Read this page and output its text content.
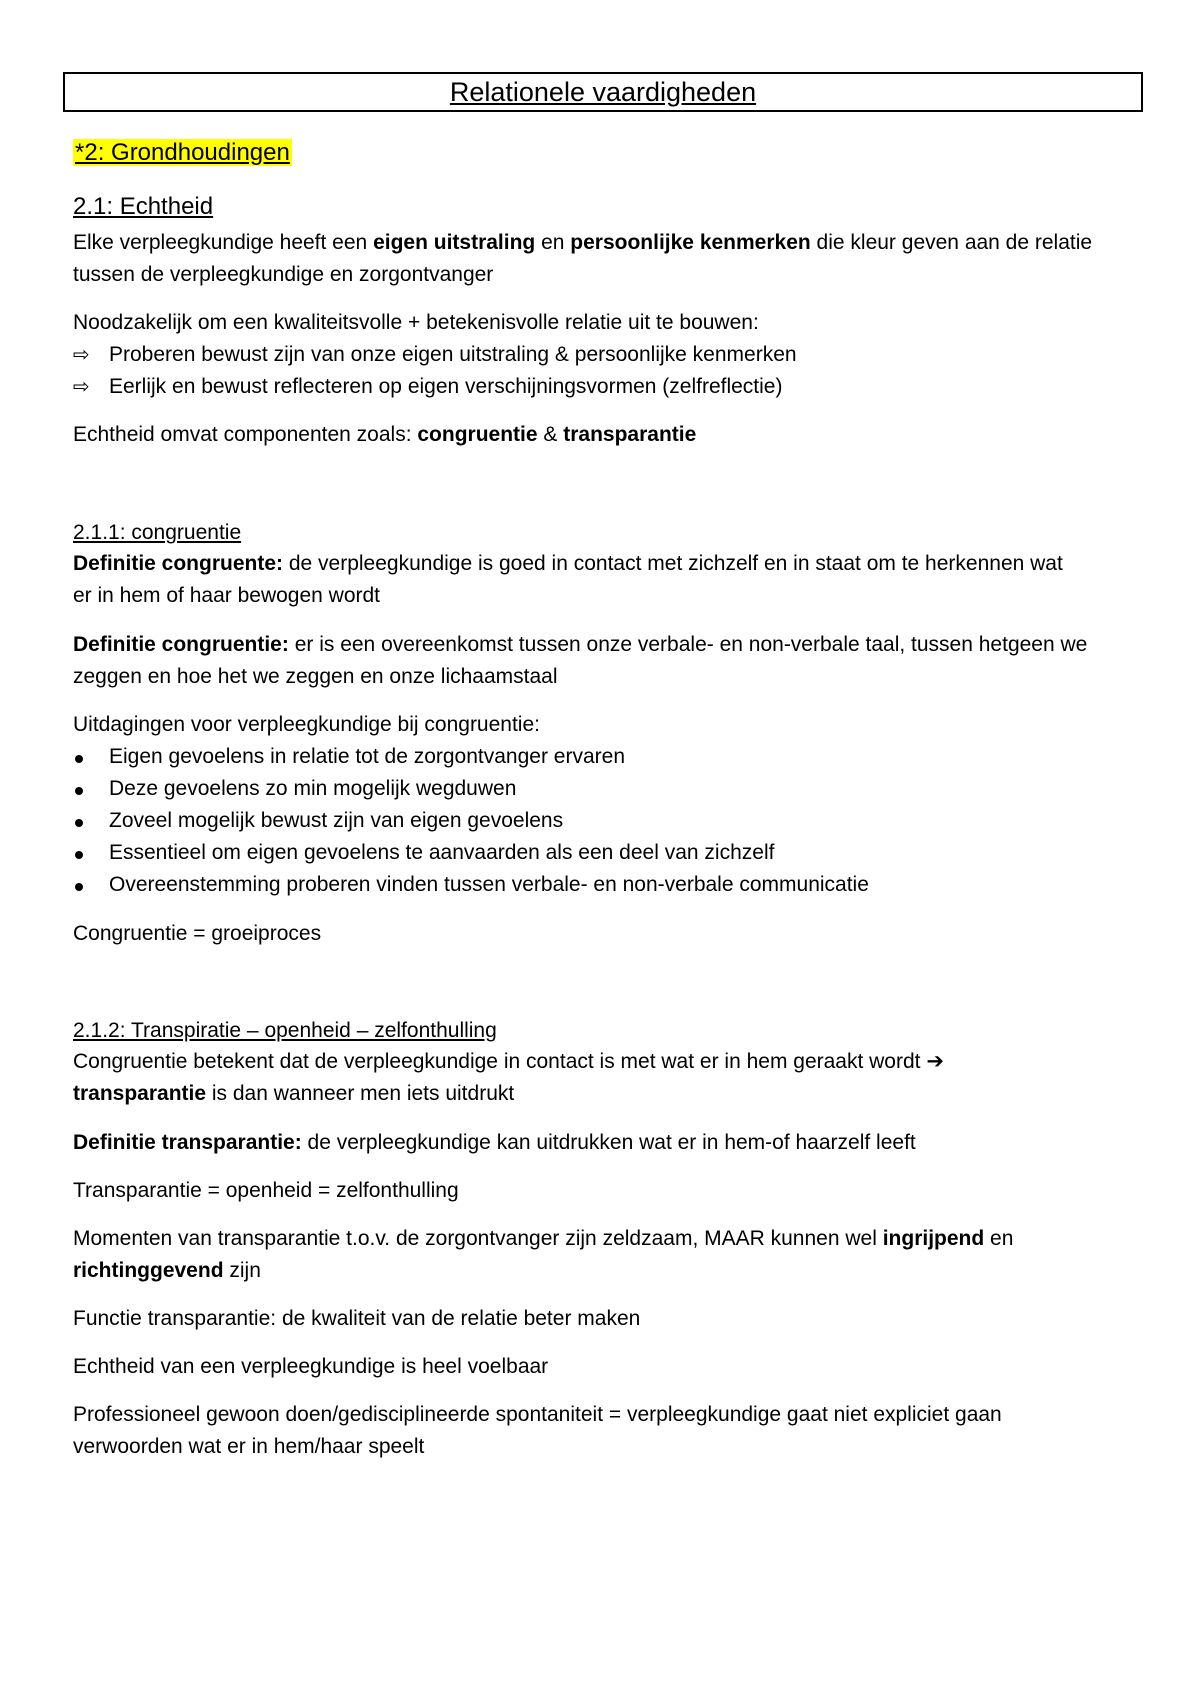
Relationele vaardigheden
*2: Grondhoudingen
2.1: Echtheid
Elke verpleegkundige heeft een eigen uitstraling en persoonlijke kenmerken die kleur geven aan de relatie
tussen de verpleegkundige en zorgontvanger
Noodzakelijk om een kwaliteitsvolle + betekenisvolle relatie uit te bouwen:
⇨ Proberen bewust zijn van onze eigen uitstraling & persoonlijke kenmerken
⇨ Eerlijk en bewust reflecteren op eigen verschijningsvormen (zelfreflectie)
Echtheid omvat componenten zoals: congruentie & transparantie
2.1.1: congruentie
Definitie congruente: de verpleegkundige is goed in contact met zichzelf en in staat om te herkennen wat
er in hem of haar bewogen wordt
Definitie congruentie: er is een overeenkomst tussen onze verbale- en non-verbale taal, tussen hetgeen we
zeggen en hoe het we zeggen en onze lichaamstaal
Uitdagingen voor verpleegkundige bij congruentie:
Eigen gevoelens in relatie tot de zorgontvanger ervaren
Deze gevoelens zo min mogelijk wegduwen
Zoveel mogelijk bewust zijn van eigen gevoelens
Essentieel om eigen gevoelens te aanvaarden als een deel van zichzelf
Overeenstemming proberen vinden tussen verbale- en non-verbale communicatie
Congruentie = groeiproces
2.1.2: Transpiratie – openheid – zelfonthulling
Congruentie betekent dat de verpleegkundige in contact is met wat er in hem geraakt wordt ➔
transparantie is dan wanneer men iets uitdrukt
Definitie transparantie: de verpleegkundige kan uitdrukken wat er in hem-of haarzelf leeft
Transparantie = openheid = zelfonthulling
Momenten van transparantie t.o.v. de zorgontvanger zijn zeldzaam, MAAR kunnen wel ingrijpend en
richtinggevend zijn
Functie transparantie: de kwaliteit van de relatie beter maken
Echtheid van een verpleegkundige is heel voelbaar
Professioneel gewoon doen/gedisciplineerde spontaniteit = verpleegkundige gaat niet expliciet gaan
verwoorden wat er in hem/haar speelt
